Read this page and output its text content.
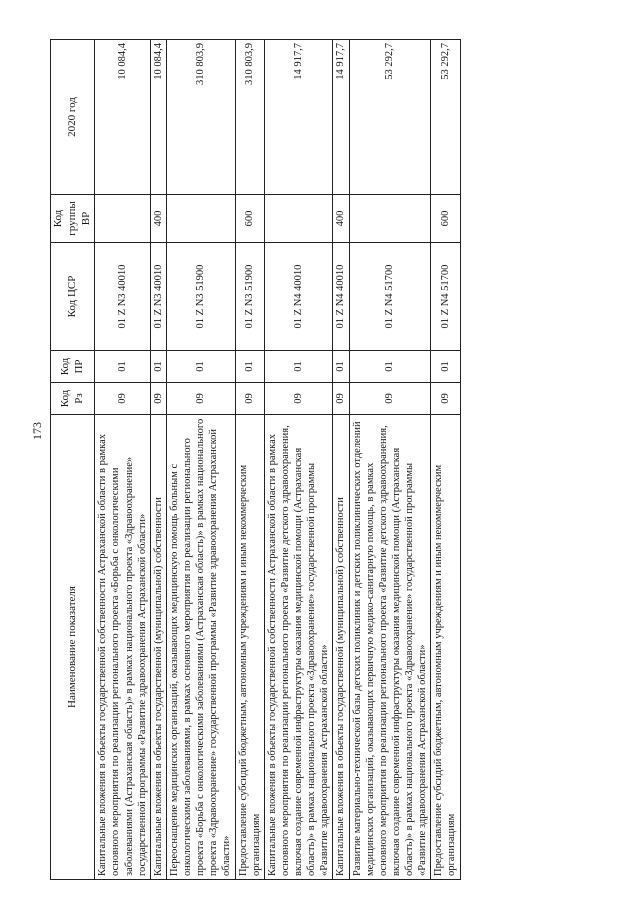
173
Наименование показателя	Код Рз	Код ПР	Код ЦСР	Код группы ВР	2020 год
Капитальные вложения в объекты государственной собственности Астраханской области в рамках основного мероприятия по реализации регионального проекта «Борьба с онкологическими заболеваниями (Астраханская область)» в рамках национального проекта «Здравоохранение» государственной программы «Развитие здравоохранения Астраханской области»	09	01	01 Z N3 40010		10 084,4
Капитальные вложения в объекты государственной (муниципальной) собственности	09	01	01 Z N3 40010	400	10 084,4
Переоснащение медицинских организаций, оказывающих медицинскую помощь больным с онкологическими заболеваниями, в рамках основного мероприятия по реализации регионального проекта «Борьба с онкологическими заболеваниями (Астраханская область)» в рамках национального проекта «Здравоохранение» государственной программы «Развитие здравоохранения Астраханской области»	09	01	01 Z N3 51900		310 803,9
Предоставление субсидий бюджетным, автономным учреждениям и иным некоммерческим организациям	09	01	01 Z N3 51900	600	310 803,9
Капитальные вложения в объекты государственной собственности Астраханской области в рамках основного мероприятия по реализации регионального проекта «Развитие детского здравоохранения, включая создание современной инфраструктуры оказания медицинской помощи (Астраханская область)» в рамках национального проекта «Здравоохранение» государственной программы «Развитие здравоохранения Астраханской области»	09	01	01 Z N4 40010		14 917,7
Капитальные вложения в объекты государственной (муниципальной) собственности	09	01	01 Z N4 40010	400	14 917,7
Развитие материально-технической базы детских поликлиник и детских поликлинических отделений медицинских организаций, оказывающих первичную медико-санитарную помощь, в рамках основного мероприятия по реализации регионального проекта «Развитие детского здравоохранения, включая создание современной инфраструктуры оказания медицинской помощи (Астраханская область)» в рамках национального проекта «Здравоохранение» государственной программы «Развитие здравоохранения Астраханской области»	09	01	01 Z N4 51700		53 292,7
Предоставление субсидий бюджетным, автономным учреждениям и иным некоммерческим организациям	09	01	01 Z N4 51700	600	53 292,7
